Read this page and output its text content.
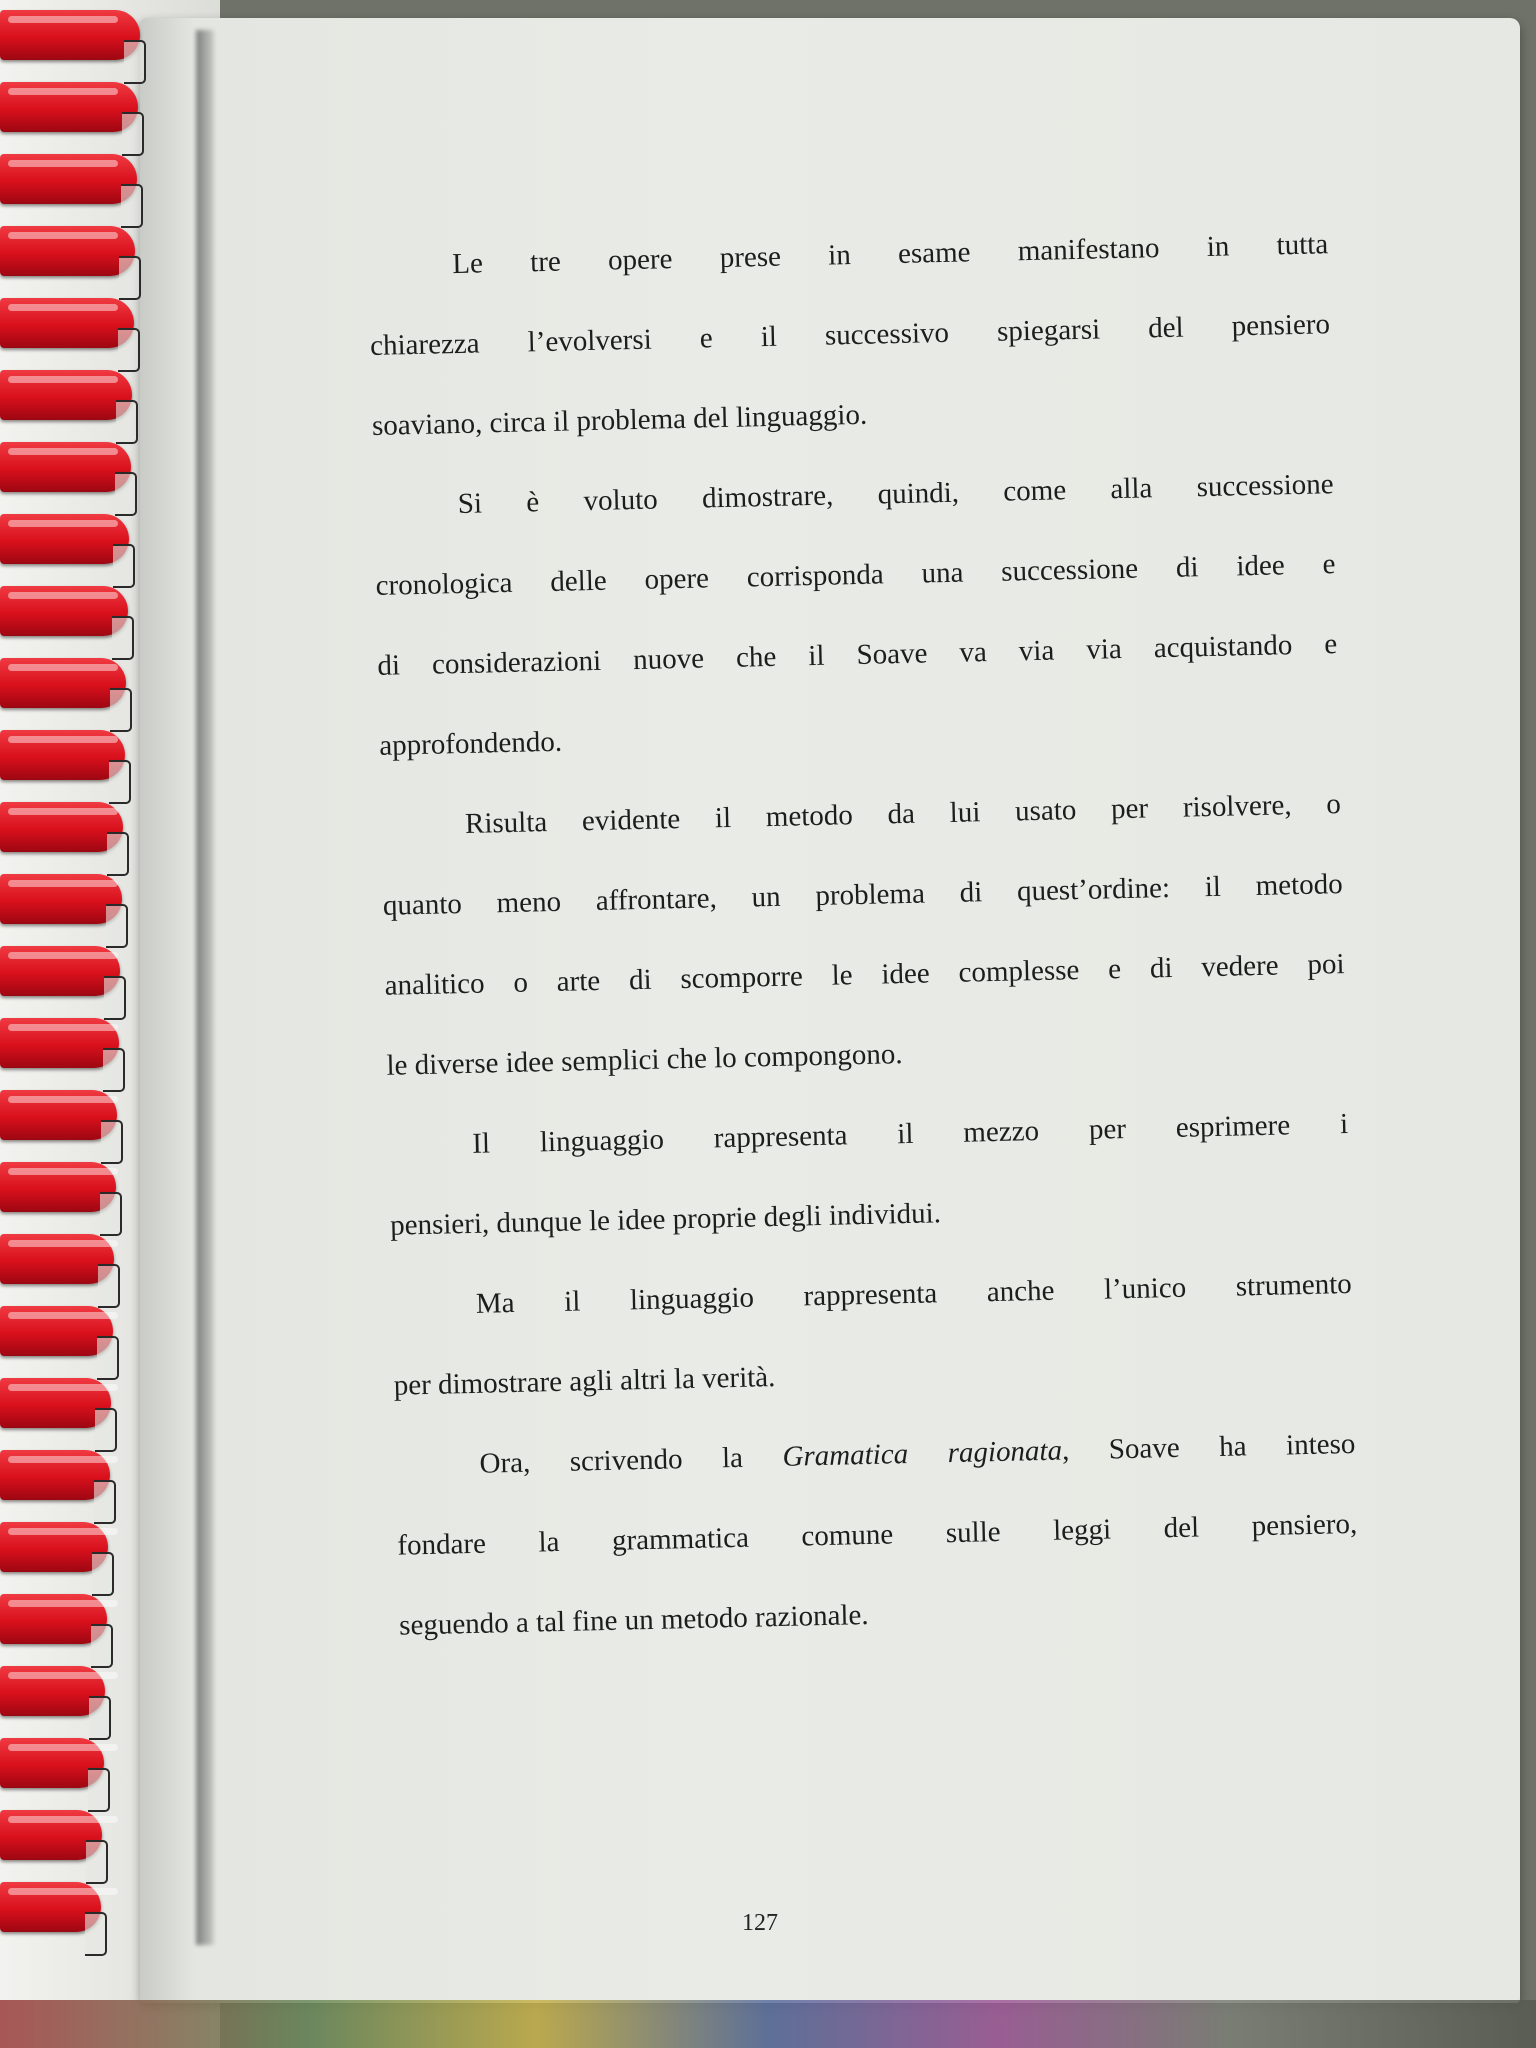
Le tre opere prese in esame manifestano in tutta
chiarezza l’evolversi e il successivo spiegarsi del pensiero
soaviano, circa il problema del linguaggio.
Si è voluto dimostrare, quindi, come alla successione
cronologica delle opere corrisponda una successione di idee e
di considerazioni nuove che il Soave va via via acquistando e
approfondendo.
Risulta evidente il metodo da lui usato per risolvere, o
quanto meno affrontare, un problema di quest’ordine: il metodo
analitico o arte di scomporre le idee complesse e di vedere poi
le diverse idee semplici che lo compongono.
Il linguaggio rappresenta il mezzo per esprimere i
pensieri, dunque le idee proprie degli individui.
Ma il linguaggio rappresenta anche l’unico strumento
per dimostrare agli altri la verità.
Ora, scrivendo la Gramatica ragionata, Soave ha inteso
fondare la grammatica comune sulle leggi del pensiero,
seguendo a tal fine un metodo razionale.
127
